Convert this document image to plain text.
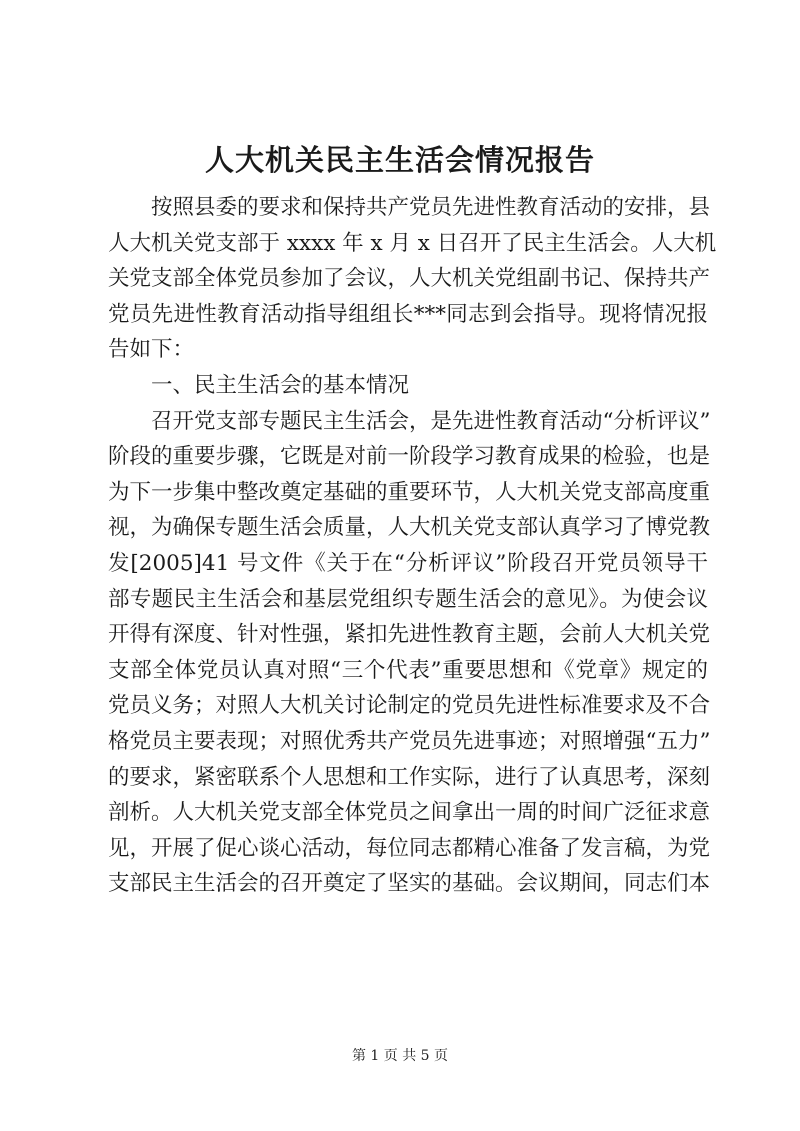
人大机关民主生活会情况报告
按照县委的要求和保持共产党员先进性教育活动的安排，县
人大机关党支部于 xxxx 年 x 月 x 日召开了民主生活会。人大机
关党支部全体党员参加了会议，人大机关党组副书记、保持共产
党员先进性教育活动指导组组长***同志到会指导。现将情况报
告如下：
一、民主生活会的基本情况
召开党支部专题民主生活会，是先进性教育活动“分析评议”
阶段的重要步骤，它既是对前一阶段学习教育成果的检验，也是
为下一步集中整改奠定基础的重要环节，人大机关党支部高度重
视，为确保专题生活会质量，人大机关党支部认真学习了博党教
发[2005]41 号文件《关于在“分析评议”阶段召开党员领导干
部专题民主生活会和基层党组织专题生活会的意见》。为使会议
开得有深度、针对性强，紧扣先进性教育主题，会前人大机关党
支部全体党员认真对照“三个代表”重要思想和《党章》规定的
党员义务；对照人大机关讨论制定的党员先进性标准要求及不合
格党员主要表现；对照优秀共产党员先进事迹；对照增强“五力”
的要求，紧密联系个人思想和工作实际，进行了认真思考，深刻
剖析。人大机关党支部全体党员之间拿出一周的时间广泛征求意
见，开展了促心谈心活动，每位同志都精心准备了发言稿，为党
支部民主生活会的召开奠定了坚实的基础。会议期间，同志们本
第 1 页 共 5 页
